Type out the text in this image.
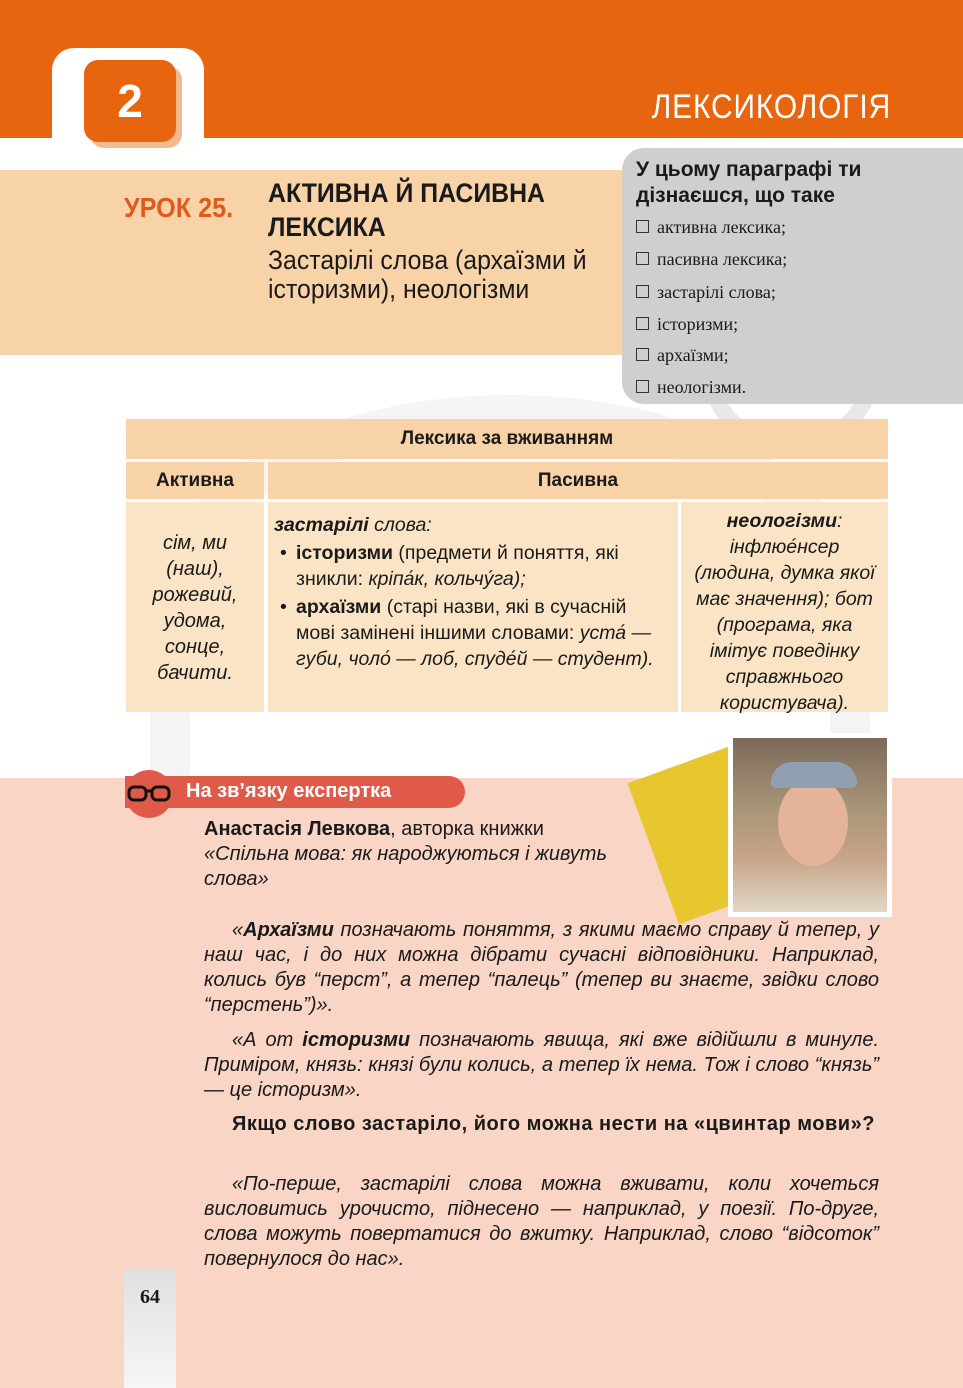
2	ЛЕКСИКОЛОГІЯ
УРОК 25. АКТИВНА Й ПАСИВНА ЛЕКСИКА
Застарілі слова (архаїзми й історизми), неологізми
У цьому параграфі ти дізнаєшся, що таке
активна лексика;
пасивна лексика;
застарілі слова;
історизми;
архаїзми;
неологізми.
Лексика за вживанням
Активна	Пасивна
сім, ми (наш), рожевий, удома, сонце, бачити.
застарілі слова:
• історизми (предмети й поняття, які зникли: кріпа́к, кольчу́га);
• архаїзми (старі назви, які в сучасній мові замінені іншими словами: уста́ — губи, чоло́ — лоб, спуде́й — студент).
неологізми: інфлюе́нсер (людина, думка якої має значення); бот (програма, яка імітує поведінку справжнього користувача).
На зв’язку експертка
Анастасія Левкова, авторка книжки
«Спільна мова: як народжуються і живуть слова»
«Архаїзми позначають поняття, з якими маємо справу й тепер, у наш час, і до них можна дібрати сучасні відповідники. Наприклад, колись був “перст”, а тепер “палець” (тепер ви знаєте, звідки слово “перстень”)».
«А от історизми позначають явища, які вже відійшли в минуле. Приміром, князь: князі були колись, а тепер їх нема. Тож і слово “князь” — це історизм».
Якщо слово застаріло, його можна нести на «цвинтар мови»?
«По-перше, застарілі слова можна вживати, коли хочеться висловитись урочисто, піднесено — наприклад, у поезії. По-друге, слова можуть повертатися до вжитку. Наприклад, слово “відсоток” повернулося до нас».
64
